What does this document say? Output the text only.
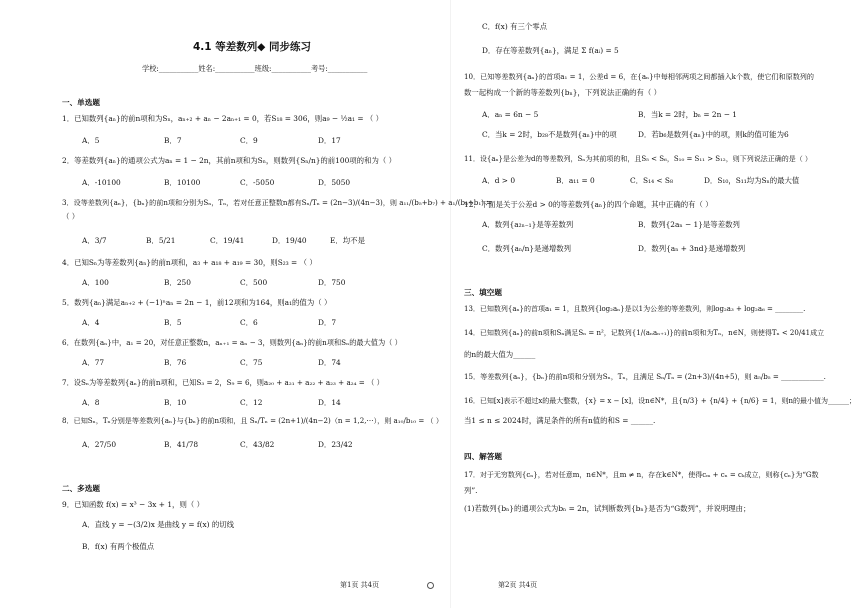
4.1 等差数列◆ 同步练习
学校:___________姓名:___________班级:___________考号:___________
一、单选题
1．已知数列{aₙ}的前n项和为Sₙ，aₙ₊₂ + aₙ − 2aₙ₊₁ = 0，若S₁₈ = 306，则a₉ − ½a₁ = （ ）
A．5	B．7	C．9	D．17
2．等差数列{aₙ}的通项公式为aₙ = 1 − 2n，其前n项和为Sₙ，则数列{Sₙ/n}的前100项的和为（ ）
A．-10100	B．10100	C．-5050	D．5050
3．设等差数列{aₙ}，{bₙ}的前n项和分别为Sₙ，Tₙ，若对任意正整数n都有Sₙ/Tₙ = (2n−3)/(4n−3)，则 a₁₁/(b₅+b₇) + a₁/(b₅+b₁) =
（ ）
A．3/7	B．5/21	C．19/41	D．19/40	E．均不是
4．已知Sₙ为等差数列{aₙ}的前n项和，a₃ + a₁₈ + a₁₉ = 30，则S₂₃ = （ ）
A．100	B．250	C．500	D．750
5．数列{aₙ}满足aₙ₊₂ + (−1)ⁿaₙ = 2n − 1，前12项和为164，则a₁的值为（ ）
A．4	B．5	C．6	D．7
6．在数列{aₙ}中，a₁ = 20，对任意正整数n，aₙ₊₁ = aₙ − 3，则数列{aₙ}的前n项和Sₙ的最大值为（ ）
A．77	B．76	C．75	D．74
7．设Sₙ为等差数列{aₙ}的前n项和，已知S₃ = 2，S₉ = 6，则a₂₀ + a₂₁ + a₂₂ + a₂₃ + a₂₄ = （ ）
A．8	B．10	C．12	D．14
8．已知Sₙ，Tₙ分别是等差数列{aₙ}与{bₙ}的前n项和，且 Sₙ/Tₙ = (2n+1)/(4n−2)（n = 1,2,⋯），则 a₁₀/b₁₀ = （ ）
A．27/50	B．41/78	C．43/82	D．23/42
二、多选题
9．已知函数 f(x) = x³ − 3x + 1，则（ ）
A．直线 y = −(3/2)x 是曲线 y = f(x) 的切线
B．f(x) 有两个极值点
第1页 共4页
C．f(x) 有三个零点
D．存在等差数列{aₙ}，满足 Σ f(aᵢ) = 5
10．已知等差数列{aₙ}的首项a₁ = 1，公差d = 6，在{aₙ}中每相邻两项之间都插入k个数，使它们和原数列的
数一起构成一个新的等差数列{bₙ}，下列说法正确的有（ ）
A．aₙ = 6n − 5	B．当k = 2时，bₙ = 2n − 1
C．当k = 2时，b₂₈不是数列{aₙ}中的项	D．若b₆是数列{aₙ}中的项，则k的值可能为6
11．设{aₙ}是公差为d的等差数列，Sₙ为其前项的和，且S₅ < S₆，S₁₀ = S₁₁ > S₁₂，则下列说法正确的是（ ）
A．d > 0	B．a₁₁ = 0	C．S₁₄ < S₈	D．S₁₀，S₁₁均为Sₙ的最大值
12．下面是关于公差d > 0的等差数列{aₙ}的四个命题，其中正确的有（ ）
A．数列{a₂ₙ₋₁}是等差数列	B．数列{2aₙ − 1}是等差数列
C．数列{aₙ/n}是递增数列	D．数列{aₙ + 3nd}是递增数列
三、填空题
13．已知数列{aₙ}的首项a₁ = 1，且数列{log₂aₙ}是以1为公差的等差数列，则log₂a₃ + log₂a₆ = ________.
14．已知数列{aₙ}的前n项和Sₙ满足Sₙ = n²，记数列{1/(aₙaₙ₊₁)}的前n项和为Tₙ，n∈N，则使得Tₙ < 20/41成立
的n的最大值为______
15．等差数列{aₙ}，{bₙ}的前n项和分别为Sₙ，Tₙ，且满足 Sₙ/Tₙ = (2n+3)/(4n+5)，则 a₅/b₅ = ____________.
16．已知[x]表示不超过x的最大整数，{x} = x − [x]，设n∈N*，且{n/3} + {n/4} + {n/6} = 1，则n的最小值为______；
当1 ≤ n ≤ 2024时，满足条件的所有n值的和S = ______.
四、解答题
17．对于无穷数列{cₙ}，若对任意m，n∈N*，且m ≠ n，存在k∈N*，使得cₘ + cₙ = cₖ成立，则称{cₙ}为“G数
列”.
(1)若数列{bₙ}的通项公式为bₙ = 2n，试判断数列{bₙ}是否为“G数列”，并说明理由；
第2页 共4页
